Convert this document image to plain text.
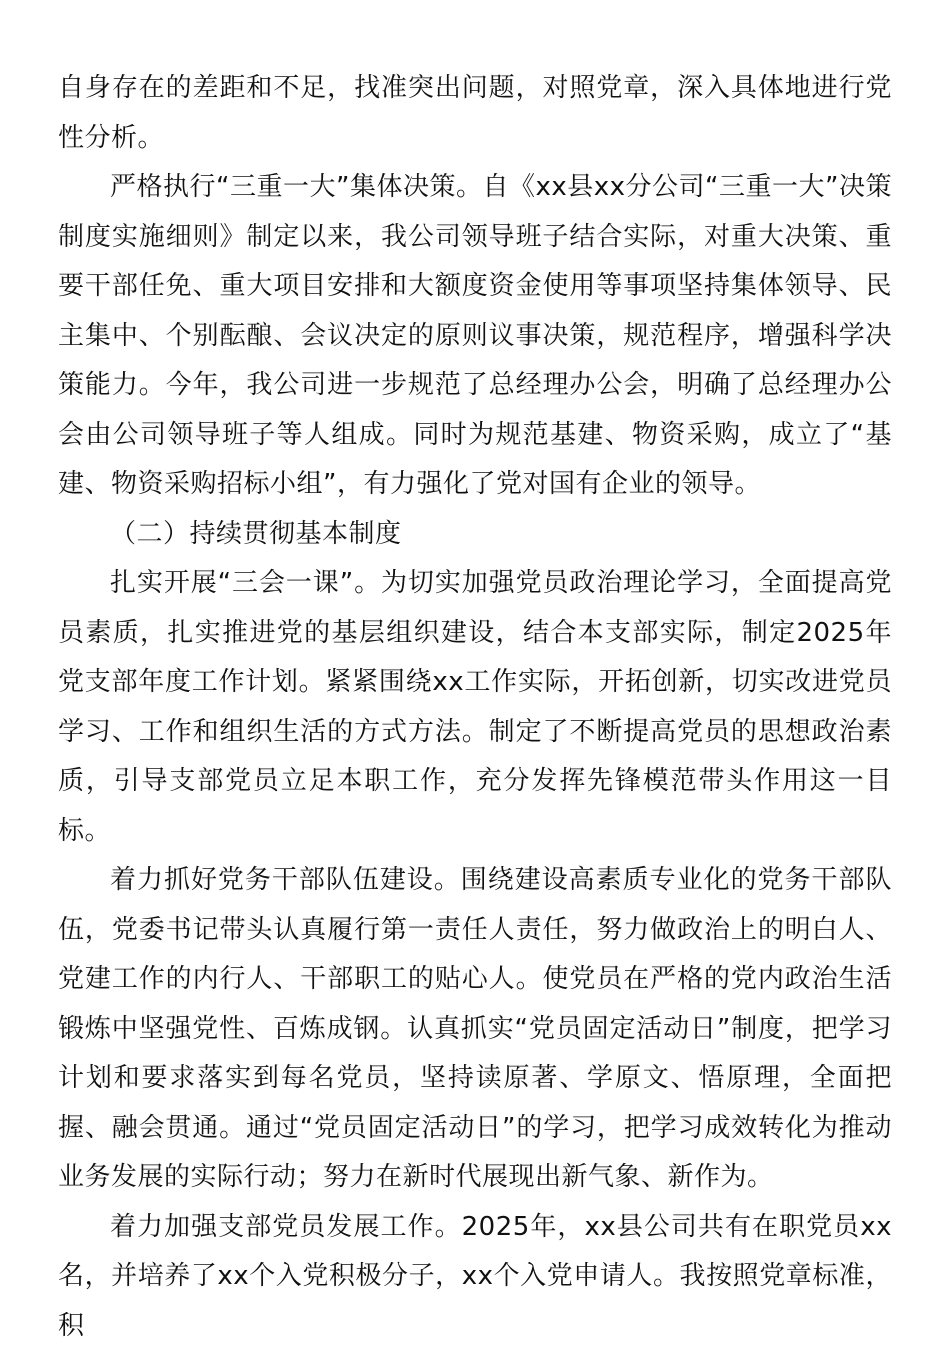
自身存在的差距和不足，找准突出问题，对照党章，深入具体地进行党性分析。

严格执行“三重一大”集体决策。自《xx县xx分公司“三重一大”决策制度实施细则》制定以来，我公司领导班子结合实际，对重大决策、重要干部任免、重大项目安排和大额度资金使用等事项坚持集体领导、民主集中、个别酝酿、会议决定的原则议事决策，规范程序，增强科学决策能力。今年，我公司进一步规范了总经理办公会，明确了总经理办公会由公司领导班子等人组成。同时为规范基建、物资采购，成立了“基建、物资采购招标小组”，有力强化了党对国有企业的领导。

（二）持续贯彻基本制度

扎实开展“三会一课”。为切实加强党员政治理论学习，全面提高党员素质，扎实推进党的基层组织建设，结合本支部实际，制定2025年党支部年度工作计划。紧紧围绕xx工作实际，开拓创新，切实改进党员学习、工作和组织生活的方式方法。制定了不断提高党员的思想政治素质，引导支部党员立足本职工作，充分发挥先锋模范带头作用这一目标。

着力抓好党务干部队伍建设。围绕建设高素质专业化的党务干部队伍，党委书记带头认真履行第一责任人责任，努力做政治上的明白人、党建工作的内行人、干部职工的贴心人。使党员在严格的党内政治生活锻炼中坚强党性、百炼成钢。认真抓实“党员固定活动日”制度，把学习计划和要求落实到每名党员，坚持读原著、学原文、悟原理，全面把握、融会贯通。通过“党员固定活动日”的学习，把学习成效转化为推动业务发展的实际行动；努力在新时代展现出新气象、新作为。

着力加强支部党员发展工作。2025年，xx县公司共有在职党员xx名，并培养了xx个入党积极分子，xx个入党申请人。我按照党章标准，积
